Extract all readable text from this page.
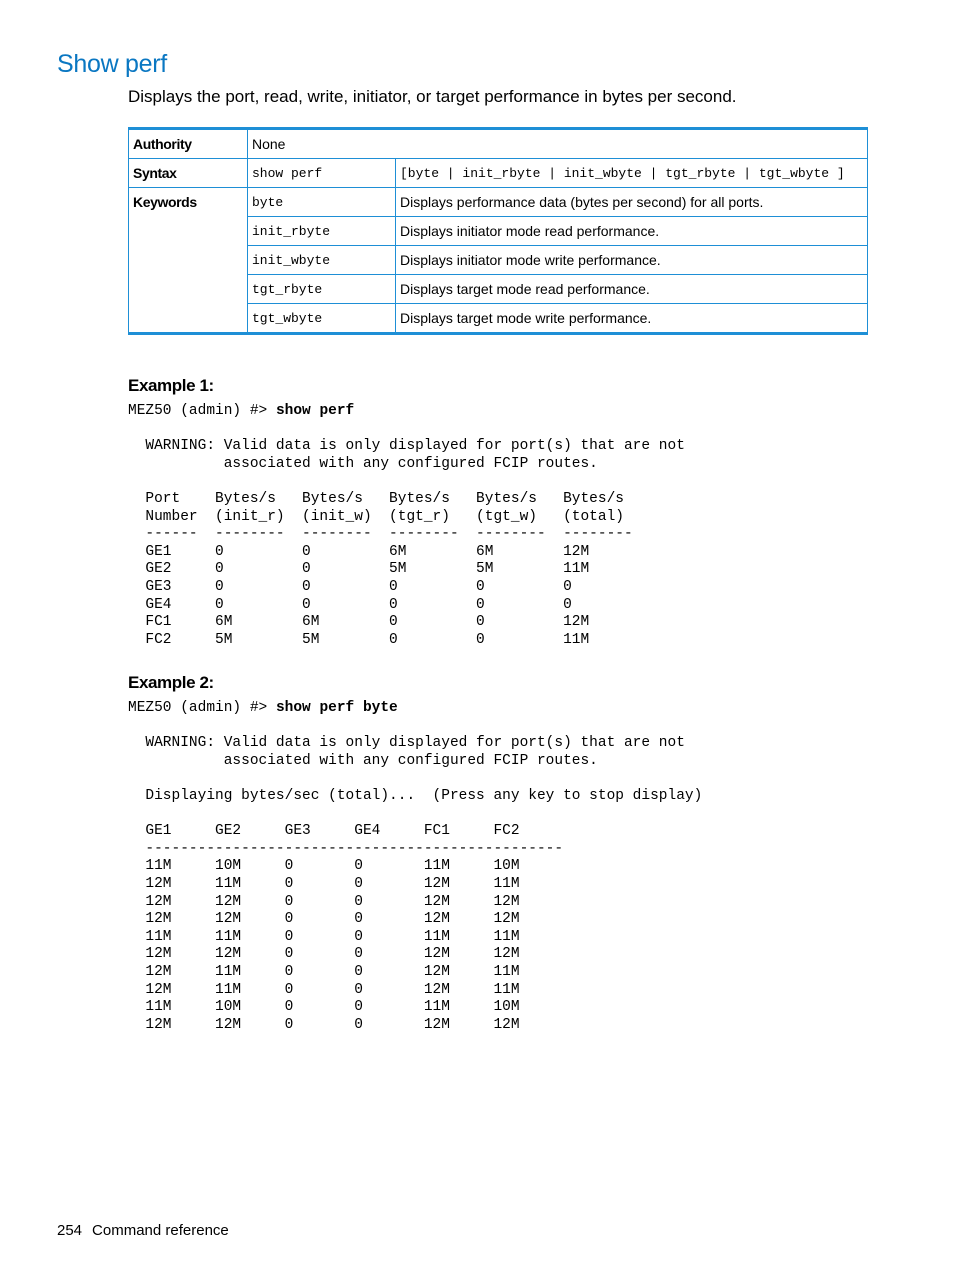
Show perf
Displays the port, read, write, initiator, or target performance in bytes per second.
Authority	None	
Syntax	show perf	[byte | init_rbyte | init_wbyte | tgt_rbyte | tgt_wbyte ]
Keywords	byte	Displays performance data (bytes per second) for all ports.
	init_rbyte	Displays initiator mode read performance.
	init_wbyte	Displays initiator mode write performance.
	tgt_rbyte	Displays target mode read performance.
	tgt_wbyte	Displays target mode write performance.
Example 1:
MEZ50 (admin) #> show perf

WARNING: Valid data is only displayed for port(s) that are not
associated with any configured FCIP routes.

Port    Bytes/s   Bytes/s   Bytes/s   Bytes/s   Bytes/s
Number  (init_r)  (init_w)  (tgt_r)   (tgt_w)   (total)
------  --------  --------  --------  --------  --------
GE1     0         0         6M        6M        12M
GE2     0         0         5M        5M        11M
GE3     0         0         0         0         0
GE4     0         0         0         0         0
FC1     6M        6M        0         0         12M
FC2     5M        5M        0         0         11M
Example 2:
MEZ50 (admin) #> show perf byte

WARNING: Valid data is only displayed for port(s) that are not
associated with any configured FCIP routes.

Displaying bytes/sec (total)...  (Press any key to stop display)

GE1     GE2     GE3     GE4     FC1     FC2
------------------------------------------------
11M     10M     0       0       11M     10M
12M     11M     0       0       12M     11M
12M     12M     0       0       12M     12M
12M     12M     0       0       12M     12M
11M     11M     0       0       11M     11M
12M     12M     0       0       12M     12M
12M     11M     0       0       12M     11M
12M     11M     0       0       12M     11M
11M     10M     0       0       11M     10M
12M     12M     0       0       12M     12M
254 Command reference
